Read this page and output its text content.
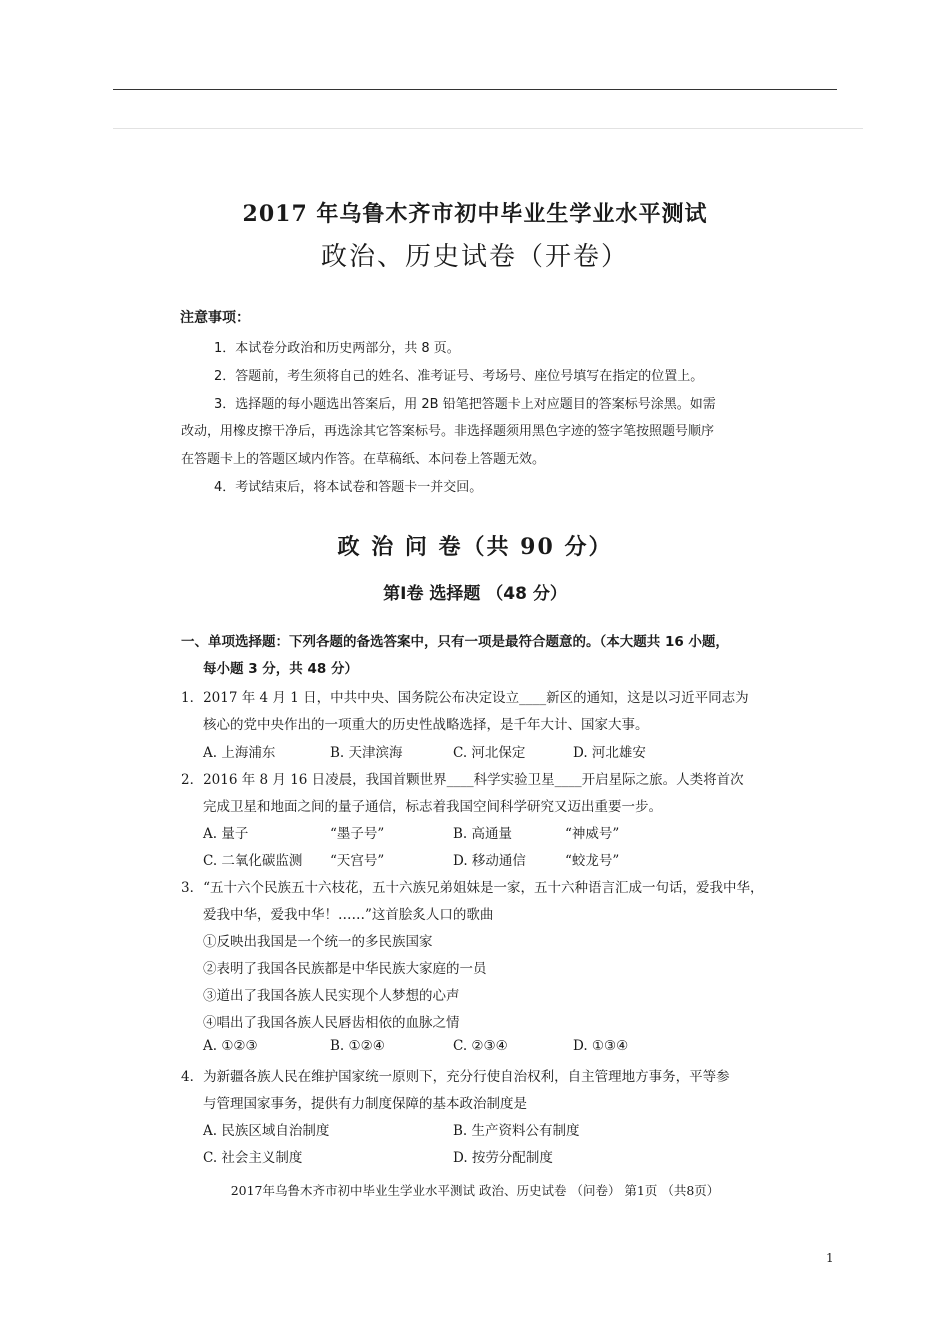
2017 年乌鲁木齐市初中毕业生学业水平测试
政治、历史试卷（开卷）
注意事项：
1．本试卷分政治和历史两部分，共 8 页。
2．答题前，考生须将自己的姓名、准考证号、考场号、座位号填写在指定的位置上。
3．选择题的每小题选出答案后，用 2B 铅笔把答题卡上对应题目的答案标号涂黑。如需
改动，用橡皮擦干净后，再选涂其它答案标号。非选择题须用黑色字迹的签字笔按照题号顺序
在答题卡上的答题区域内作答。在草稿纸、本问卷上答题无效。
4．考试结束后，将本试卷和答题卡一并交回。
政 治 问 卷（共 90 分）
第Ⅰ卷 选择题 （48 分）
一、单项选择题：下列各题的备选答案中，只有一项是最符合题意的。（本大题共 16 小题，
每小题 3 分，共 48 分）
1．2017 年 4 月 1 日，中共中央、国务院公布决定设立____新区的通知，这是以习近平同志为
核心的党中央作出的一项重大的历史性战略选择，是千年大计、国家大事。
A. 上海浦东	B. 天津滨海	C. 河北保定	D. 河北雄安
2．2016 年 8 月 16 日凌晨，我国首颗世界____科学实验卫星____开启星际之旅。人类将首次
完成卫星和地面之间的量子通信，标志着我国空间科学研究又迈出重要一步。
A. 量子	“墨子号”	B. 高通量	“神威号”
C. 二氧化碳监测 “天宫号”	D. 移动通信	“蛟龙号”
3．“五十六个民族五十六枝花，五十六族兄弟姐妹是一家，五十六种语言汇成一句话，爱我中华，
爱我中华，爱我中华！……”这首脍炙人口的歌曲
①反映出我国是一个统一的多民族国家
②表明了我国各民族都是中华民族大家庭的一员
③道出了我国各族人民实现个人梦想的心声
④唱出了我国各族人民唇齿相依的血脉之情
A. ①②③	B. ①②④	C. ②③④	D. ①③④
4．为新疆各族人民在维护国家统一原则下，充分行使自治权利，自主管理地方事务，平等参
与管理国家事务，提供有力制度保障的基本政治制度是
A. 民族区域自治制度	B. 生产资料公有制度
C. 社会主义制度	D. 按劳分配制度
2017年乌鲁木齐市初中毕业生学业水平测试 政治、历史试卷 （问卷） 第1页 （共8页）
1
